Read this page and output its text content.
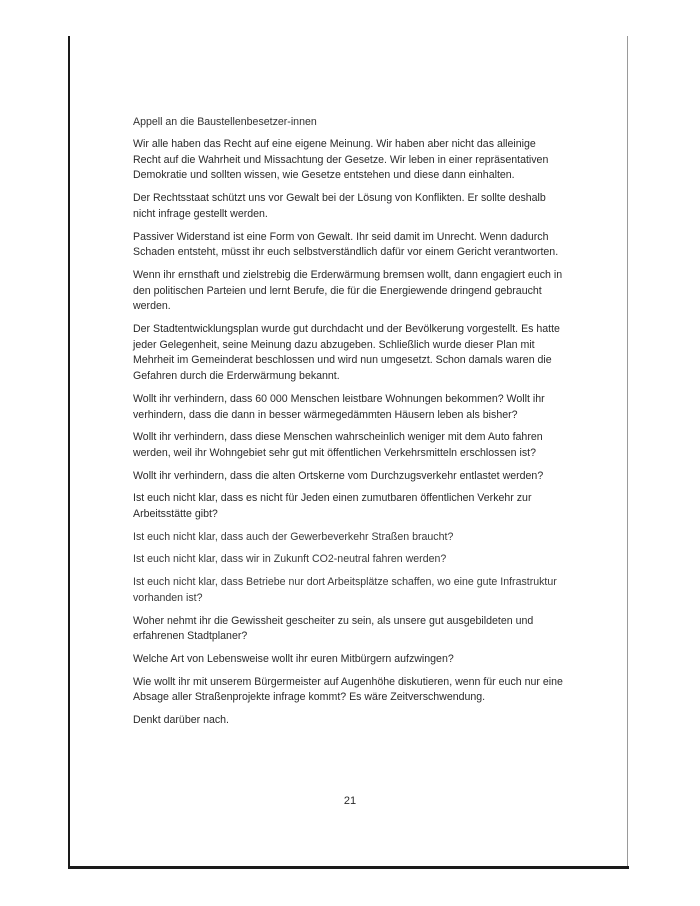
Appell an die Baustellenbesetzer-innen

Wir alle haben das Recht auf eine eigene Meinung. Wir haben aber nicht das alleinige Recht auf die Wahrheit und Missachtung der Gesetze. Wir leben in einer repräsentativen Demokratie und sollten wissen, wie Gesetze entstehen und diese dann einhalten.

Der Rechtsstaat schützt uns vor Gewalt bei der Lösung von Konflikten. Er sollte deshalb nicht infrage gestellt werden.

Passiver Widerstand ist eine Form von Gewalt. Ihr seid damit im Unrecht. Wenn dadurch Schaden entsteht, müsst ihr euch selbstverständlich dafür vor einem Gericht verantworten.

Wenn ihr ernsthaft und zielstrebig die Erderwärmung bremsen wollt, dann engagiert euch in den politischen Parteien und lernt Berufe, die für die Energiewende dringend gebraucht werden.

Der Stadtentwicklungsplan wurde gut durchdacht und der Bevölkerung vorgestellt. Es hatte jeder Gelegenheit, seine Meinung dazu abzugeben. Schließlich wurde dieser Plan mit Mehrheit im Gemeinderat beschlossen und wird nun umgesetzt. Schon damals waren die Gefahren durch die Erderwärmung bekannt.

Wollt ihr verhindern, dass 60 000 Menschen leistbare Wohnungen bekommen? Wollt ihr verhindern, dass die dann in besser wärmegedämmten Häusern leben als bisher?

Wollt ihr verhindern, dass diese Menschen wahrscheinlich weniger mit dem Auto fahren werden, weil ihr Wohngebiet sehr gut mit öffentlichen Verkehrsmitteln erschlossen ist?

Wollt ihr verhindern, dass die alten Ortskerne vom Durchzugsverkehr entlastet werden?

Ist euch nicht klar, dass es nicht für Jeden einen zumutbaren öffentlichen Verkehr zur Arbeitsstätte gibt?

Ist euch nicht klar, dass auch der Gewerbeverkehr Straßen braucht?

Ist euch nicht klar, dass wir in Zukunft CO2-neutral fahren werden?

Ist euch nicht klar, dass Betriebe nur dort Arbeitsplätze schaffen, wo eine gute Infrastruktur vorhanden ist?

Woher nehmt ihr die Gewissheit gescheiter zu sein, als unsere gut ausgebildeten und erfahrenen Stadtplaner?

Welche Art von Lebensweise wollt ihr euren Mitbürgern aufzwingen?

Wie wollt ihr mit unserem Bürgermeister auf Augenhöhe diskutieren, wenn für euch nur eine Absage aller Straßenprojekte infrage kommt? Es wäre Zeitverschwendung.

Denkt darüber nach.

21
